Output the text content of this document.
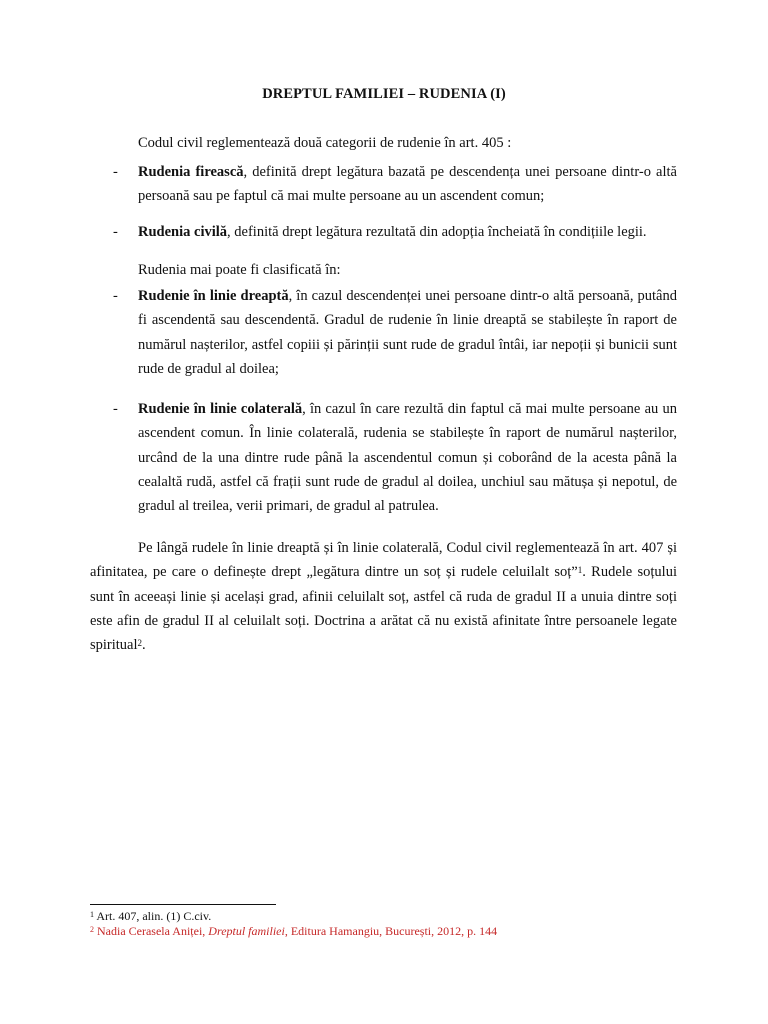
DREPTUL FAMILIEI – RUDENIA (I)
Codul civil reglementează două categorii de rudenie în art. 405 :
- Rudenia firească, definită drept legătura bazată pe descendența unei persoane dintr-o altă persoană sau pe faptul că mai multe persoane au un ascendent comun;
- Rudenia civilă, definită drept legătura rezultată din adopția încheiată în condițiile legii.
Rudenia mai poate fi clasificată în:
- Rudenie în linie dreaptă, în cazul descendenței unei persoane dintr-o altă persoană, putând fi ascendentă sau descendentă. Gradul de rudenie în linie dreaptă se stabilește în raport de numărul nașterilor, astfel copiii și părinții sunt rude de gradul întâi, iar nepoții și bunicii sunt rude de gradul al doilea;
- Rudenie în linie colaterală, în cazul în care rezultă din faptul că mai multe persoane au un ascendent comun. În linie colaterală, rudenia se stabilește în raport de numărul nașterilor, urcând de la una dintre rude până la ascendentul comun și coborând de la acesta până la cealaltă rudă, astfel că frații sunt rude de gradul al doilea, unchiul sau mătușa și nepotul, de gradul al treilea, verii primari, de gradul al patrulea.
Pe lângă rudele în linie dreaptă și în linie colaterală, Codul civil reglementează în art. 407 și afinitatea, pe care o definește drept „legătura dintre un soț și rudele celuilalt soț”$^1$. Rudele soțului sunt în aceeași linie și același grad, afinii celuilalt soț, astfel că ruda de gradul II a unuia dintre soți este afin de gradul II al celuilalt soți. Doctrina a arătat că nu există afinitate între persoanele legate spiritual$^2$.
$^1$ Art. 407, alin. (1) C.civ.
$^2$ Nadia Cerasela Aniței, Dreptul familiei, Editura Hamangiu, București, 2012, p. 144
